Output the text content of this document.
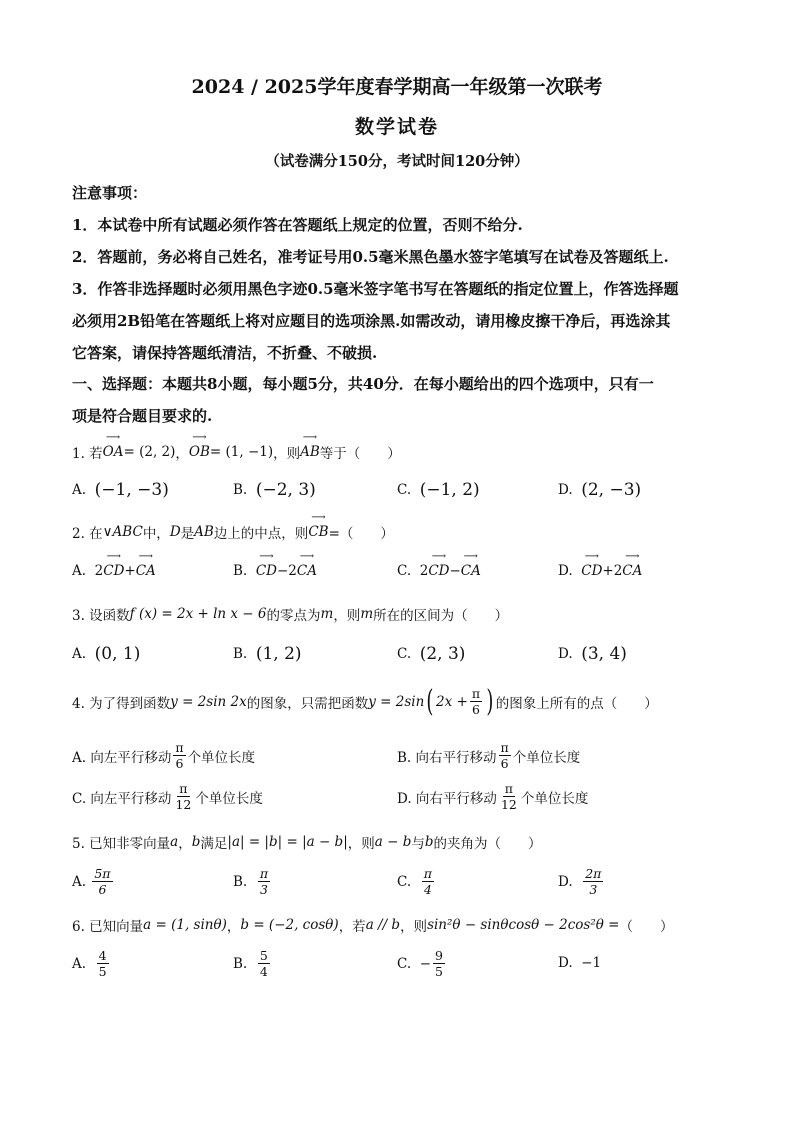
2024 / 2025学年度春学期高一年级第一次联考
数学试卷
（试卷满分150分，考试时间120分钟）
注意事项：
1．本试卷中所有试题必须作答在答题纸上规定的位置，否则不给分.
2．答题前，务必将自己姓名，准考证号用0.5毫米黑色墨水签字笔填写在试卷及答题纸上.
3．作答非选择题时必须用黑色字迹0.5毫米签字笔书写在答题纸的指定位置上，作答选择题
必须用2B铅笔在答题纸上将对应题目的选项涂黑.如需改动，请用橡皮擦干净后，再选涂其
它答案，请保持答题纸清洁，不折叠、不破损.
一、选择题：本题共8小题，每小题5分，共40分．在每小题给出的四个选项中，只有一
项是符合题目要求的.
1. 若 ⟶ OA = (2, 2) ， ⟶ OB = (1, −1) ，则 ⟶ AB 等于（　　）
A.
(−1, −3)	B.
(−2, 3)	C.
(−1, 2)	D.
(2, −3)
2. 在 ∨ABC 中， D 是 AB 边上的中点，则 ⟶ CB =（　　）
A.
2 ⟶ CD + ⟶ CA	B.
⟶ CD − 2 ⟶ CA	C.
2 ⟶ CD − ⟶ CA	D.
⟶ CD + 2 ⟶ CA
3. 设函数 f (x) = 2x + ln x − 6 的零点为 m ，则 m 所在的区间为（　　）
A.
(0, 1)	B.
(1, 2)	C.
(2, 3)	D.
(3, 4)
4. 为了得到函数 y = 2sin 2x 的图象，只需把函数 y = 2sin ( $2x + \frac{\pi}{6}$ ) 的图象上所有的点（　　）
A. 向左平行移动 $\frac{\pi}{6}$ 个单位长度	B. 向右平行移动 $\frac{\pi}{6}$ 个单位长度
C. 向左平行移动 $\frac{\pi}{12}$ 个单位长度	D. 向右平行移动 $\frac{\pi}{12}$ 个单位长度
5. 已知非零向量 a ， b 满足 |a| = |b| = |a − b| ，则 a − b 与 b 的夹角为（　　）
A.
$\frac{5\pi}{6}$	B.
$\frac{\pi}{3}$	C.
$\frac{\pi}{4}$	D.
$\frac{2\pi}{3}$
6. 已知向量 a = (1, sinθ) ， b = (−2, cosθ) ，若 a // b ，则 sin²θ − sinθcosθ − 2cos²θ = （　　）
A.
$\frac{4}{5}$	B.
$\frac{5}{4}$	C.
− $\frac{9}{5}$	D.
−1
